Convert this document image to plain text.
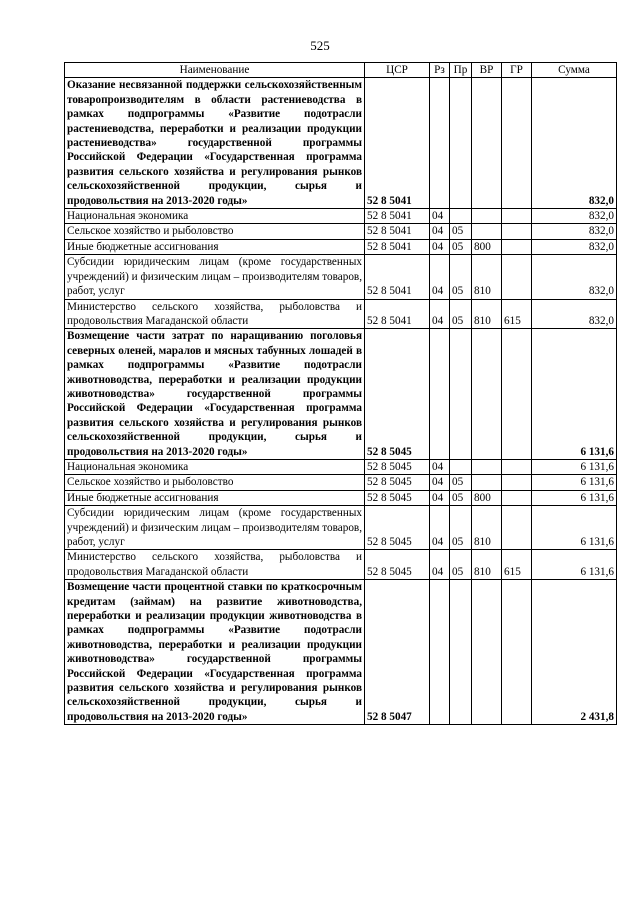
525
Наименование	ЦСР	Рз	Пр	ВР	ГР	Сумма
Оказание несвязанной поддержки сельскохозяйственным товаропроизводителям в области растениеводства в рамках подпрограммы «Развитие подотрасли растениеводства, переработки и реализации продукции растениеводства» государственной программы Российской Федерации «Государственная программа развития сельского хозяйства и регулирования рынков сельскохозяйственной продукции, сырья и продовольствия на 2013-2020 годы»	52 8 5041					832,0
Национальная экономика	52 8 5041	04				832,0
Сельское хозяйство и рыболовство	52 8 5041	04	05			832,0
Иные бюджетные ассигнования	52 8 5041	04	05	800		832,0
Субсидии юридическим лицам (кроме государственных учреждений) и физическим лицам – производителям товаров, работ, услуг	52 8 5041	04	05	810		832,0
Министерство сельского хозяйства, рыболовства и продовольствия Магаданской области	52 8 5041	04	05	810	615	832,0
Возмещение части затрат по наращиванию поголовья северных оленей, маралов и мясных табунных лошадей в рамках подпрограммы «Развитие подотрасли животноводства, переработки и реализации продукции животноводства» государственной программы Российской Федерации «Государственная программа развития сельского хозяйства и регулирования рынков сельскохозяйственной продукции, сырья и продовольствия на 2013-2020 годы»	52 8 5045					6 131,6
Национальная экономика	52 8 5045	04				6 131,6
Сельское хозяйство и рыболовство	52 8 5045	04	05			6 131,6
Иные бюджетные ассигнования	52 8 5045	04	05	800		6 131,6
Субсидии юридическим лицам (кроме государственных учреждений) и физическим лицам – производителям товаров, работ, услуг	52 8 5045	04	05	810		6 131,6
Министерство сельского хозяйства, рыболовства и продовольствия Магаданской области	52 8 5045	04	05	810	615	6 131,6
Возмещение части процентной ставки по краткосрочным кредитам (займам) на развитие животноводства, переработки и реализации продукции животноводства в рамках подпрограммы «Развитие подотрасли животноводства, переработки и реализации продукции животноводства» государственной программы Российской Федерации «Государственная программа развития сельского хозяйства и регулирования рынков сельскохозяйственной продукции, сырья и продовольствия на 2013-2020 годы»	52 8 5047					2 431,8
